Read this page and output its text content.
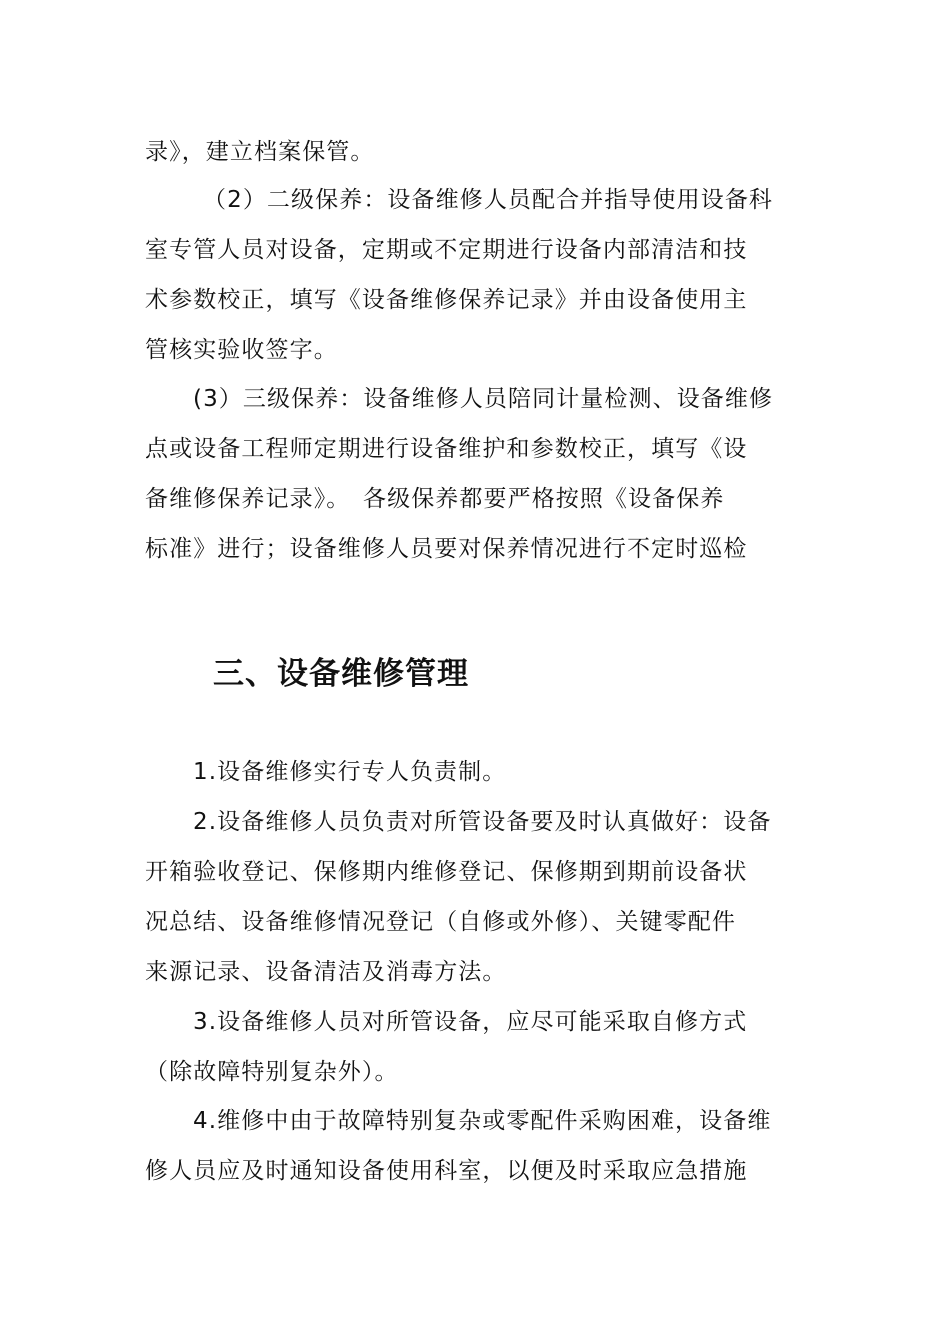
录》，建立档案保管。
（2）二级保养：设备维修人员配合并指导使用设备科
室专管人员对设备，定期或不定期进行设备内部清洁和技
术参数校正，填写《设备维修保养记录》并由设备使用主
管核实验收签字。
(3）三级保养：设备维修人员陪同计量检测、设备维修
点或设备工程师定期进行设备维护和参数校正，填写《设
备维修保养记录》。　各级保养都要严格按照《设备保养
标准》进行；设备维修人员要对保养情况进行不定时巡检
三、设备维修管理
1.设备维修实行专人负责制。
2.设备维修人员负责对所管设备要及时认真做好：设备
开箱验收登记、保修期内维修登记、保修期到期前设备状
况总结、设备维修情况登记（自修或外修）、关键零配件
来源记录、设备清洁及消毒方法。
3.设备维修人员对所管设备，应尽可能采取自修方式
（除故障特别复杂外）。
4.维修中由于故障特别复杂或零配件采购困难，设备维
修人员应及时通知设备使用科室，以便及时采取应急措施
